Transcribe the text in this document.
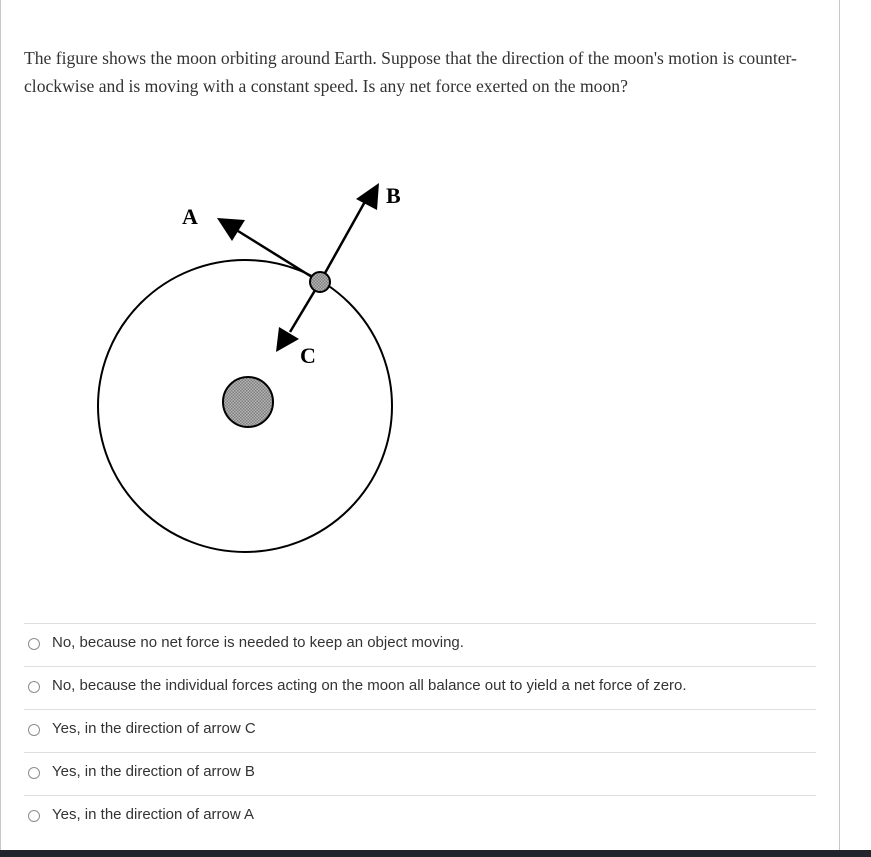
The figure shows the moon orbiting around Earth. Suppose that the direction of the moon's motion is counter-clockwise and is moving with a constant speed. Is any net force exerted on the moon?

A
B
C
No, because no net force is needed to keep an object moving.
No, because the individual forces acting on the moon all balance out to yield a net force of zero.
Yes, in the direction of arrow C
Yes, in the direction of arrow B
Yes, in the direction of arrow A
